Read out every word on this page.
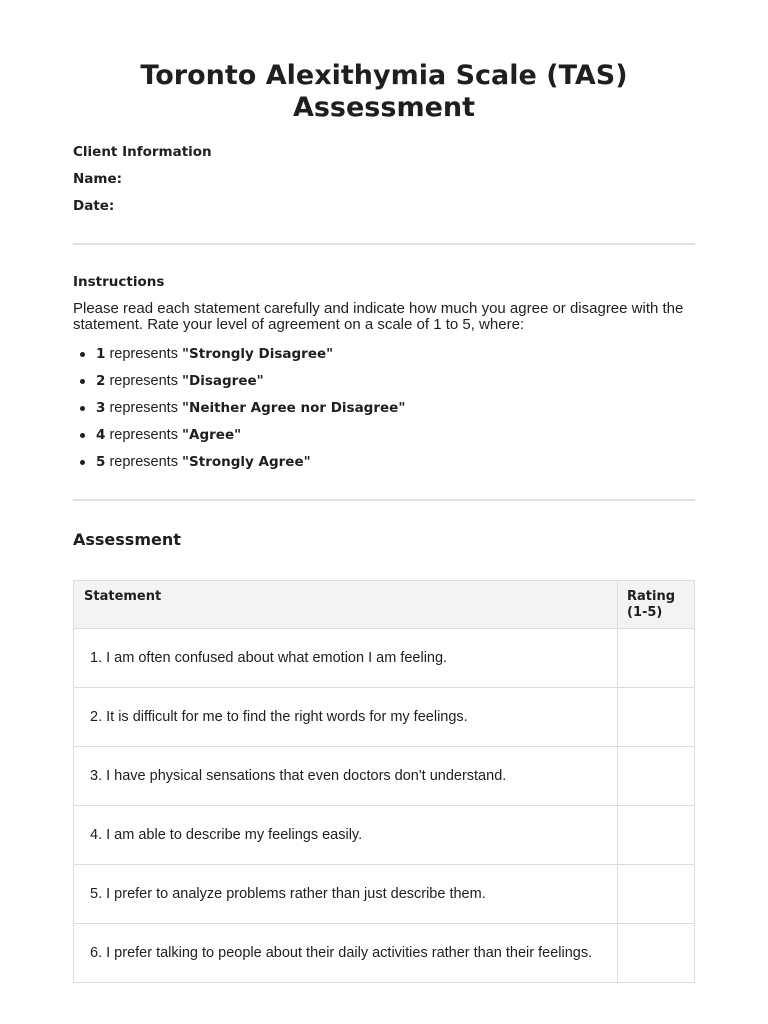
Toronto Alexithymia Scale (TAS)
Assessment
Client Information
Name:
Date:
Instructions
Please read each statement carefully and indicate how much you agree or disagree with the statement. Rate your level of agreement on a scale of 1 to 5, where:
1 represents "Strongly Disagree"
2 represents "Disagree"
3 represents "Neither Agree nor Disagree"
4 represents "Agree"
5 represents "Strongly Agree"
Assessment
Statement	Rating
(1-5)
1. I am often confused about what emotion I am feeling.
2. It is difficult for me to find the right words for my feelings.
3. I have physical sensations that even doctors don't understand.
4. I am able to describe my feelings easily.
5. I prefer to analyze problems rather than just describe them.
6. I prefer talking to people about their daily activities rather than their feelings.
